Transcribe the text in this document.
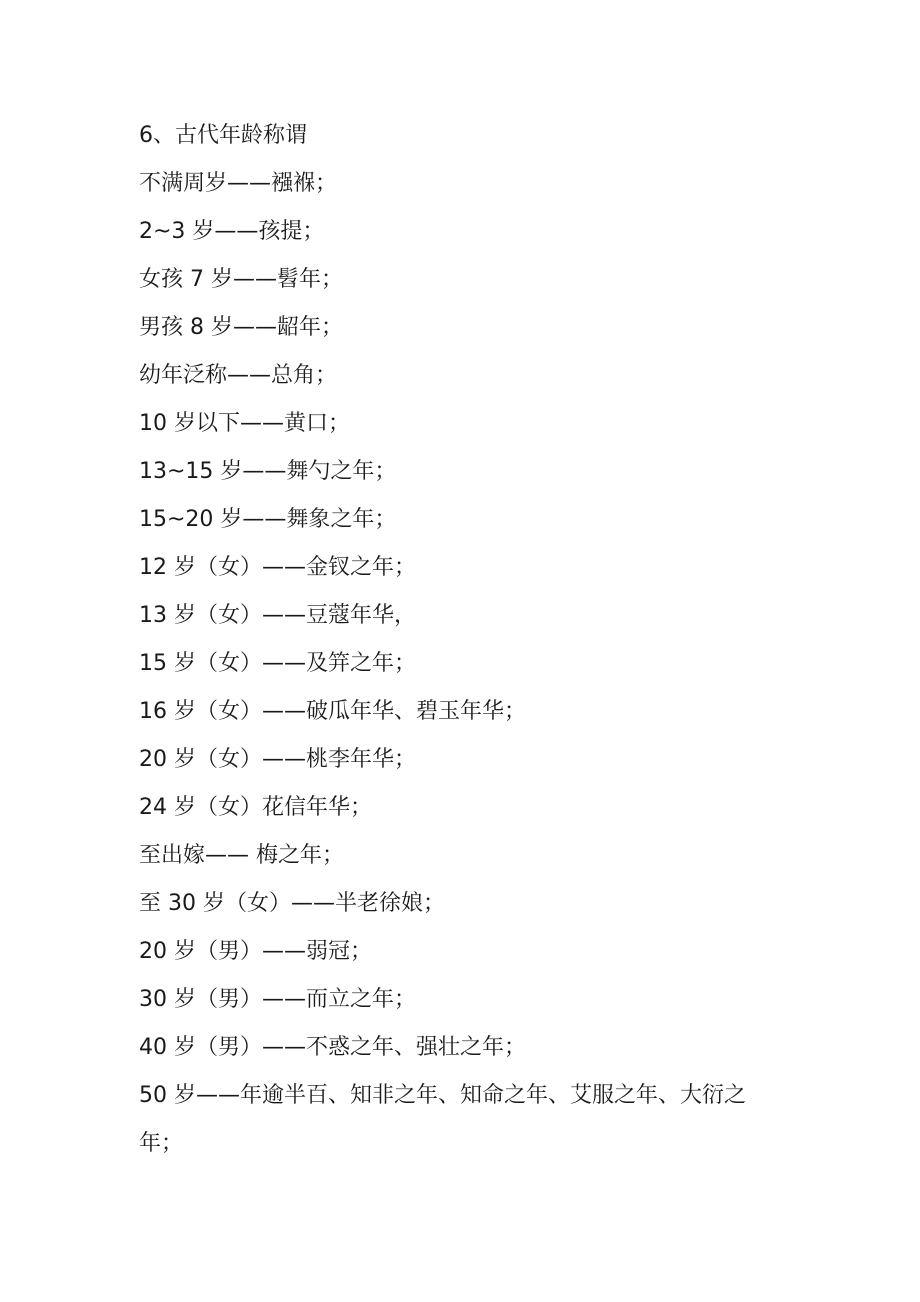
6、古代年龄称谓
不满周岁——襁褓；
2~3 岁——孩提；
女孩 7 岁——髫年；
男孩 8 岁——龆年；
幼年泛称——总角；
10 岁以下——黄口；
13~15 岁——舞勺之年；
15~20 岁——舞象之年；
12 岁（女）——金钗之年；
13 岁（女）——豆蔻年华，
15 岁（女）——及笄之年；
16 岁（女）——破瓜年华、碧玉年华；
20 岁（女）——桃李年华；
24 岁（女）花信年华；
至出嫁—— 梅之年；
至 30 岁（女）——半老徐娘；
20 岁（男）——弱冠；
30 岁（男）——而立之年；
40 岁（男）——不惑之年、强壮之年；
50 岁——年逾半百、知非之年、知命之年、艾服之年、大衍之年；
